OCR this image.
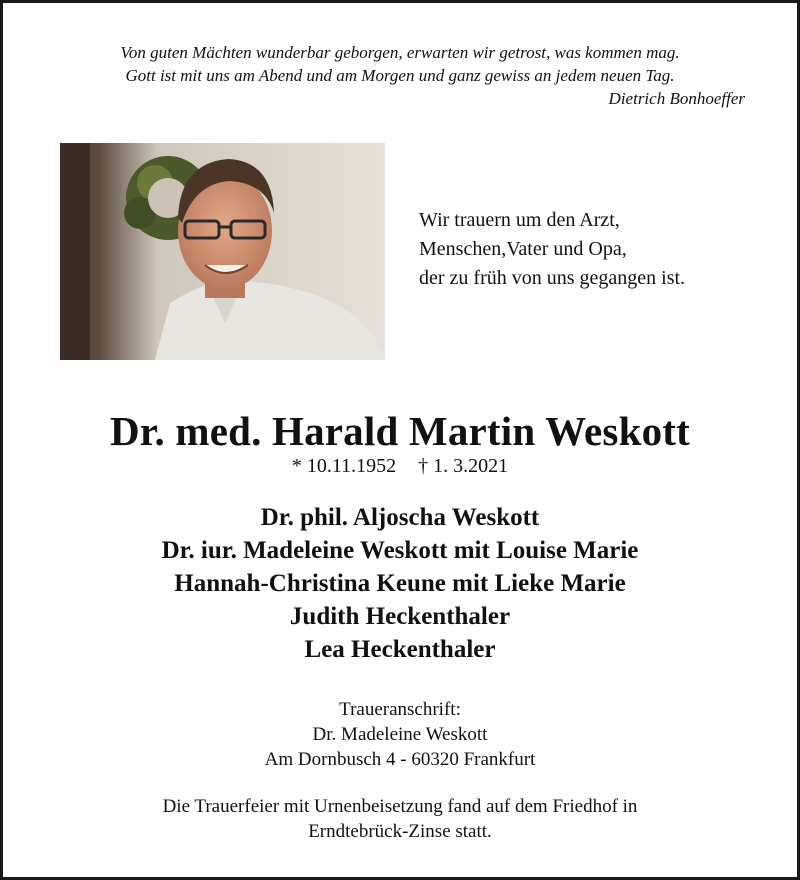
Von guten Mächten wunderbar geborgen, erwarten wir getrost, was kommen mag.
Gott ist mit uns am Abend und am Morgen und ganz gewiss an jedem neuen Tag.
Dietrich Bonhoeffer
Wir trauern um den Arzt,
Menschen,Vater und Opa,
der zu früh von uns gegangen ist.
Dr. med. Harald Martin Weskott
* 10.11.1952 † 1. 3.2021
Dr. phil. Aljoscha Weskott
Dr. iur. Madeleine Weskott mit Louise Marie
Hannah-Christina Keune mit Lieke Marie
Judith Heckenthaler
Lea Heckenthaler
Traueranschrift:
Dr. Madeleine Weskott
Am Dornbusch 4 - 60320 Frankfurt
Die Trauerfeier mit Urnenbeisetzung fand auf dem Friedhof in
Erndtebrück-Zinse statt.
